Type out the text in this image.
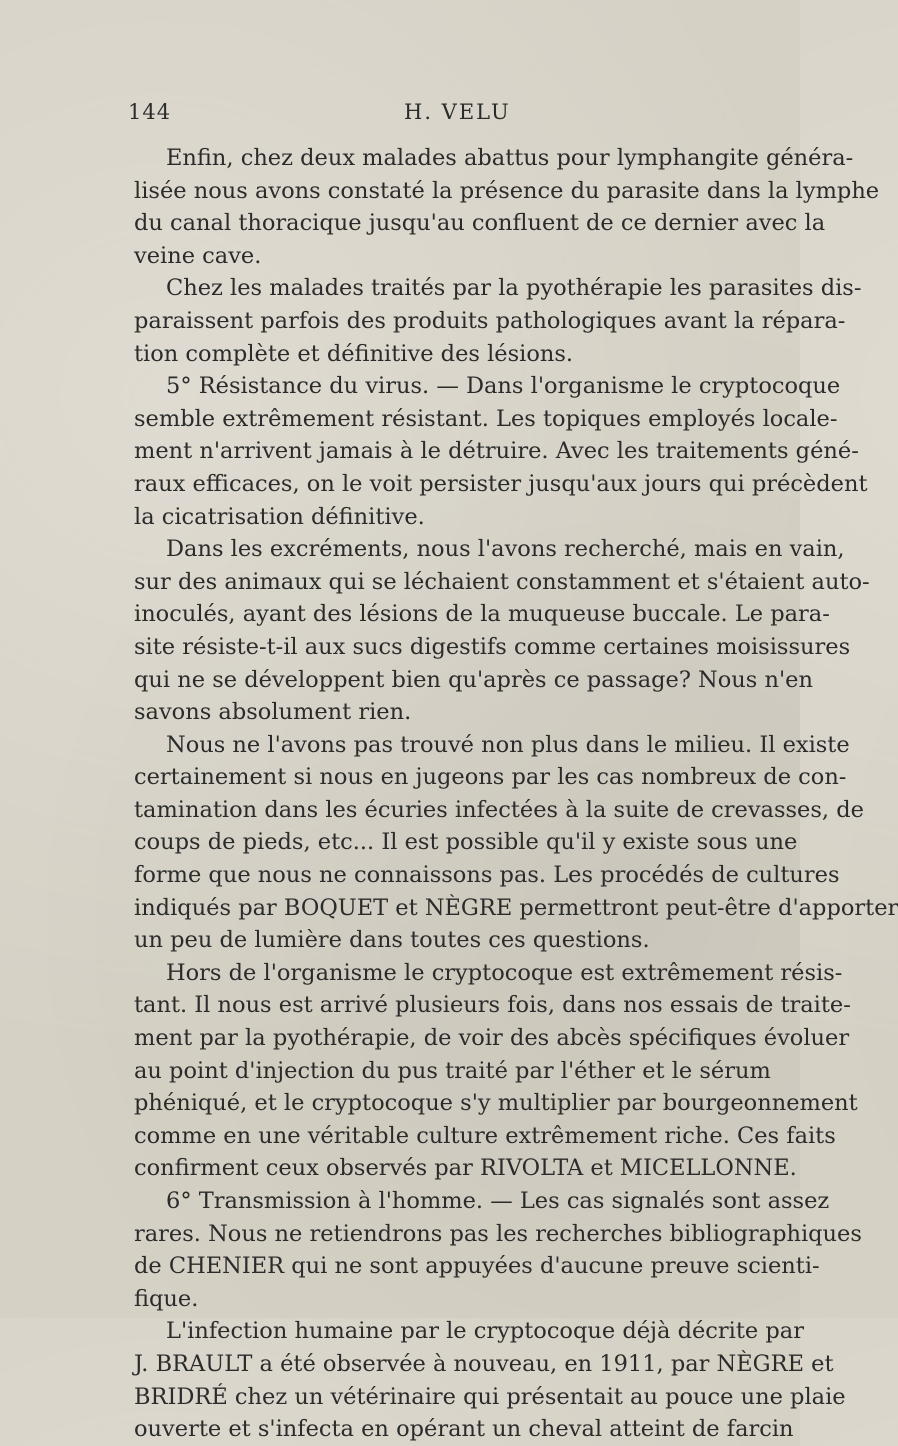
144	H. VELU
Enfin, chez deux malades abattus pour lymphangite généra-
lisée nous avons constaté la présence du parasite dans la lymphe
du canal thoracique jusqu'au confluent de ce dernier avec la
veine cave.
Chez les malades traités par la pyothérapie les parasites dis-
paraissent parfois des produits pathologiques avant la répara-
tion complète et définitive des lésions.
5° Résistance du virus. — Dans l'organisme le cryptocoque
semble extrêmement résistant. Les topiques employés locale-
ment n'arrivent jamais à le détruire. Avec les traitements géné-
raux efficaces, on le voit persister jusqu'aux jours qui précèdent
la cicatrisation définitive.
Dans les excréments, nous l'avons recherché, mais en vain,
sur des animaux qui se léchaient constamment et s'étaient auto-
inoculés, ayant des lésions de la muqueuse buccale. Le para-
site résiste-t-il aux sucs digestifs comme certaines moisissures
qui ne se développent bien qu'après ce passage? Nous n'en
savons absolument rien.
Nous ne l'avons pas trouvé non plus dans le milieu. Il existe
certainement si nous en jugeons par les cas nombreux de con-
tamination dans les écuries infectées à la suite de crevasses, de
coups de pieds, etc... Il est possible qu'il y existe sous une
forme que nous ne connaissons pas. Les procédés de cultures
indiqués par BOQUET et NÈGRE permettront peut-être d'apporter
un peu de lumière dans toutes ces questions.
Hors de l'organisme le cryptocoque est extrêmement résis-
tant. Il nous est arrivé plusieurs fois, dans nos essais de traite-
ment par la pyothérapie, de voir des abcès spécifiques évoluer
au point d'injection du pus traité par l'éther et le sérum
phéniqué, et le cryptocoque s'y multiplier par bourgeonnement
comme en une véritable culture extrêmement riche. Ces faits
confirment ceux observés par RIVOLTA et MICELLONNE.
6° Transmission à l'homme. — Les cas signalés sont assez
rares. Nous ne retiendrons pas les recherches bibliographiques
de CHENIER qui ne sont appuyées d'aucune preuve scienti-
fique.
L'infection humaine par le cryptocoque déjà décrite par
J. BRAULT a été observée à nouveau, en 1911, par NÈGRE et
BRIDRÉ chez un vétérinaire qui présentait au pouce une plaie
ouverte et s'infecta en opérant un cheval atteint de farcin
